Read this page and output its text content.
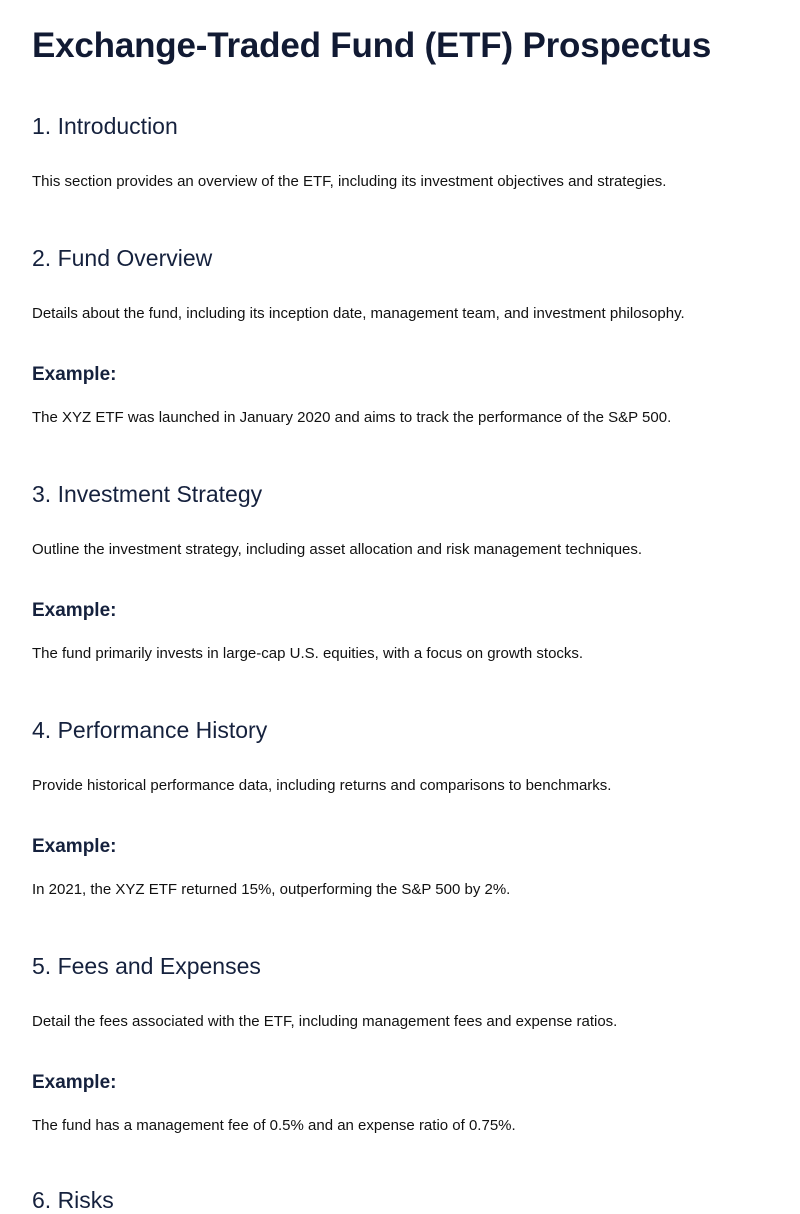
Exchange-Traded Fund (ETF) Prospectus
1. Introduction

This section provides an overview of the ETF, including its investment objectives and strategies.

2. Fund Overview

Details about the fund, including its inception date, management team, and investment philosophy.

Example:

The XYZ ETF was launched in January 2020 and aims to track the performance of the S&P 500.

3. Investment Strategy

Outline the investment strategy, including asset allocation and risk management techniques.

Example:

The fund primarily invests in large-cap U.S. equities, with a focus on growth stocks.

4. Performance History

Provide historical performance data, including returns and comparisons to benchmarks.

Example:

In 2021, the XYZ ETF returned 15%, outperforming the S&P 500 by 2%.

5. Fees and Expenses

Detail the fees associated with the ETF, including management fees and expense ratios.

Example:

The fund has a management fee of 0.5% and an expense ratio of 0.75%.

6. Risks
